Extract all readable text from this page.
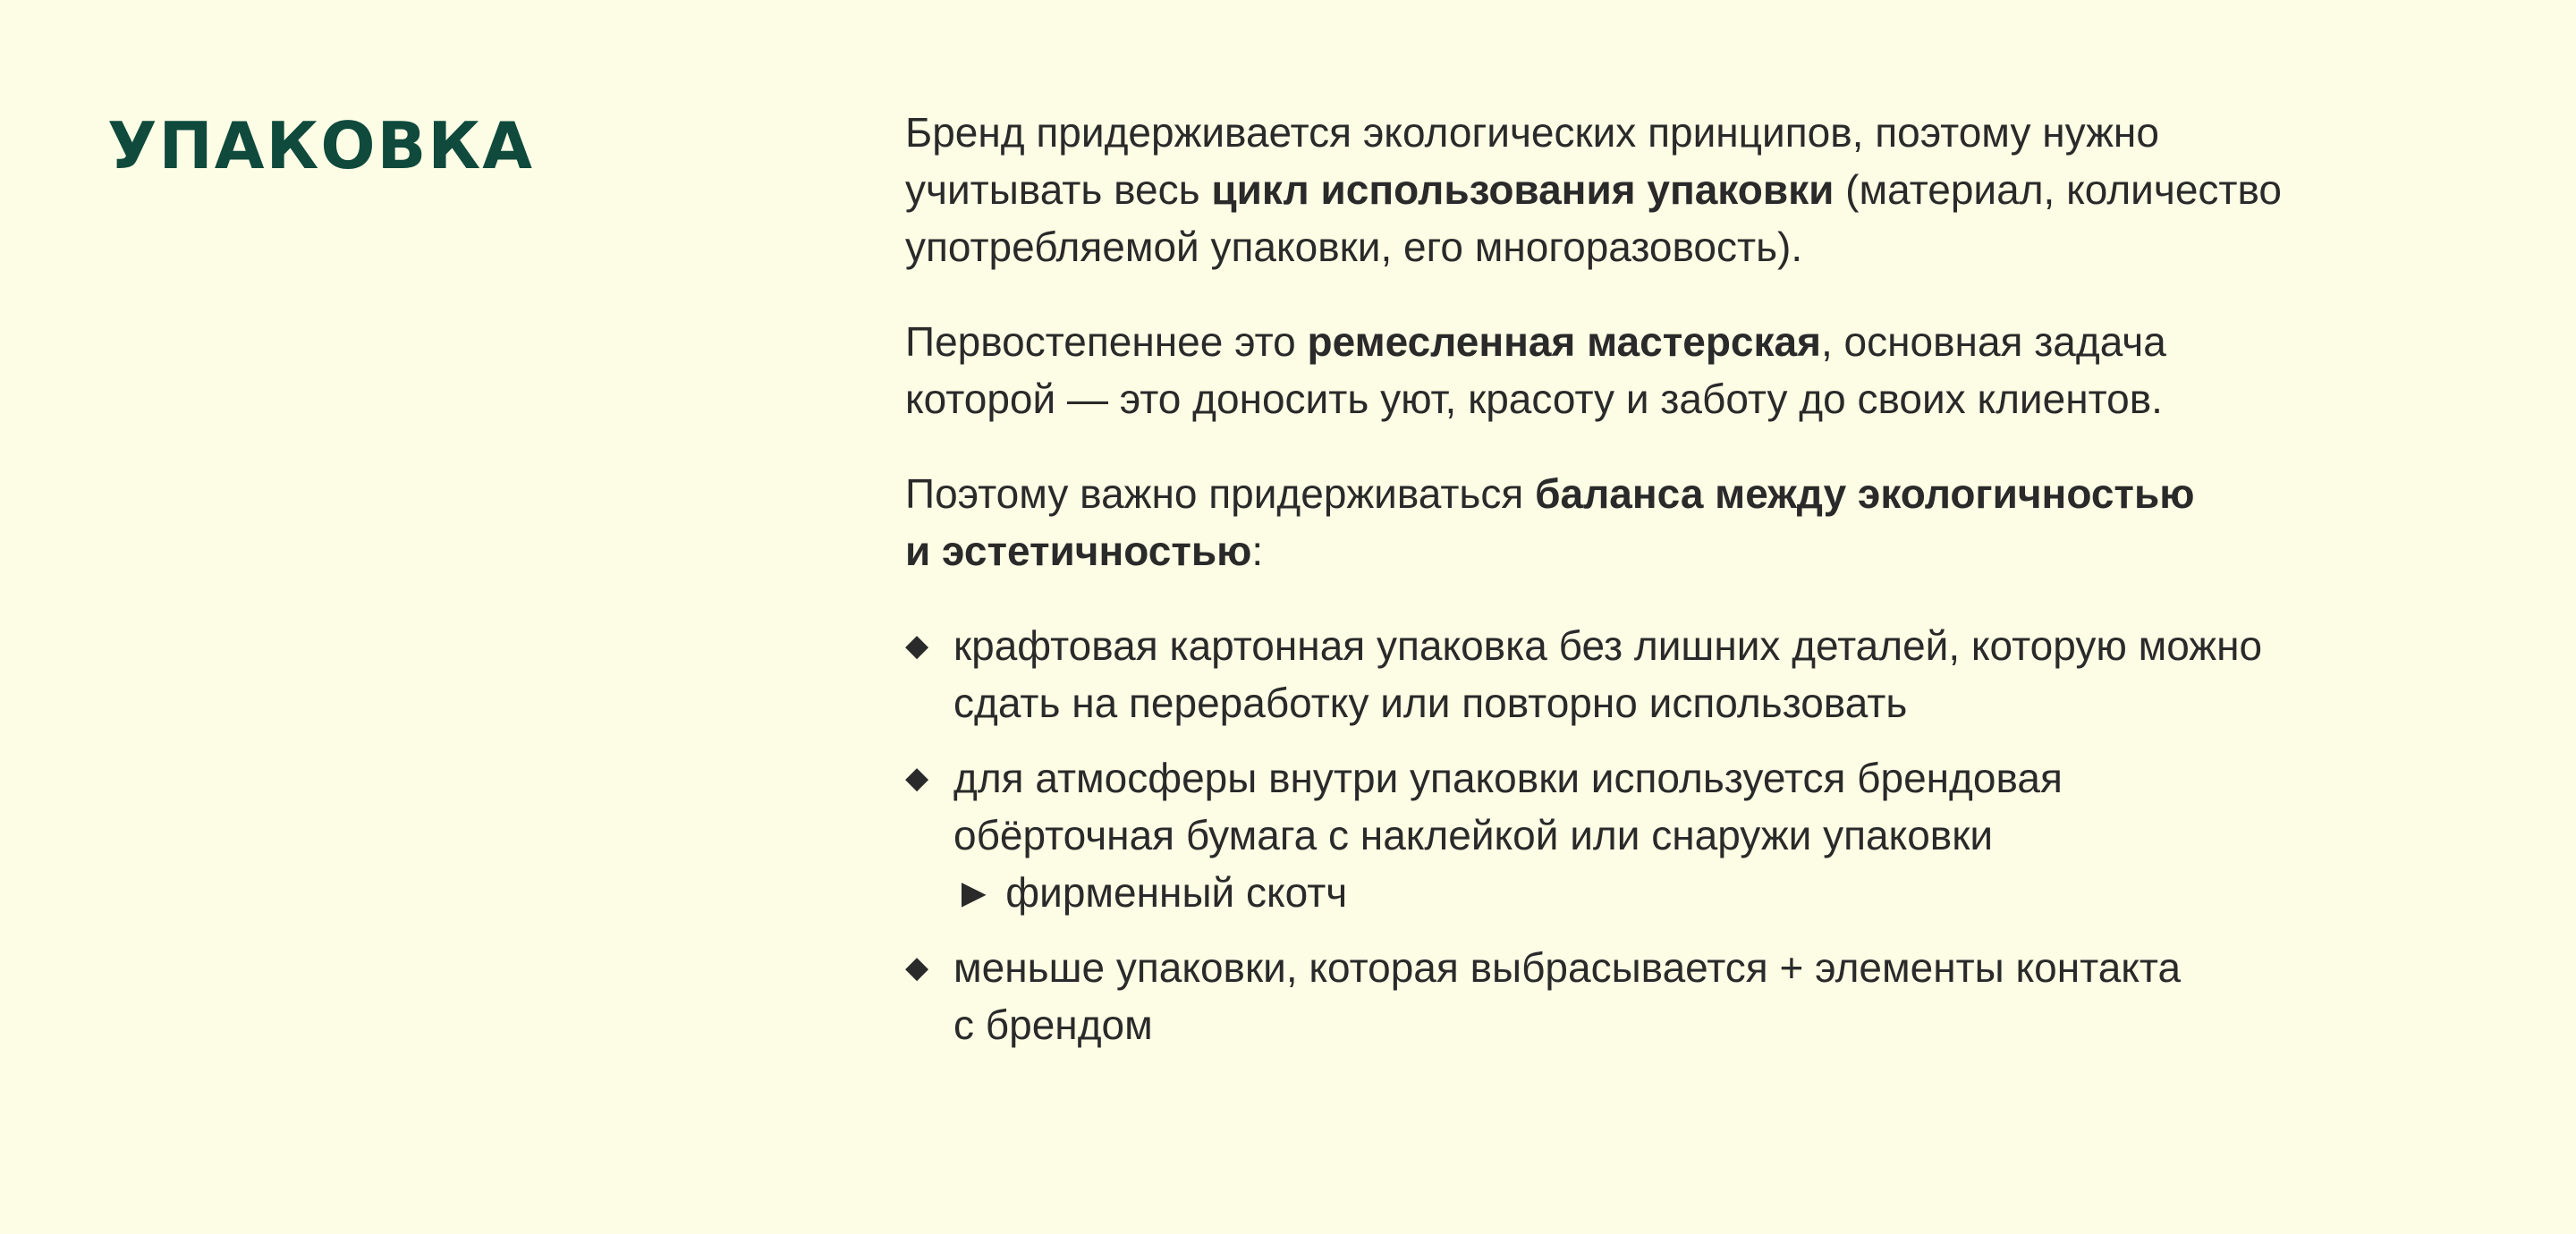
УПАКОВКА	Бренд придерживается экологических принципов, поэтому нужно
учитывать весь цикл использования упаковки (материал, количество
употребляемой упаковки, его многоразовость).

Первостепеннее это ремесленная мастерская, основная задача
которой — это доносить уют, красоту и заботу до своих клиентов.

Поэтому важно придерживаться баланса между экологичностью
и эстетичностью:

◆ крафтовая картонная упаковка без лишних деталей, которую можно
сдать на переработку или повторно использовать
◆ для атмосферы внутри упаковки используется брендовая
обёрточная бумага с наклейкой или снаружи упаковки
► фирменный скотч
◆ меньше упаковки, которая выбрасывается + элементы контакта
с брендом
